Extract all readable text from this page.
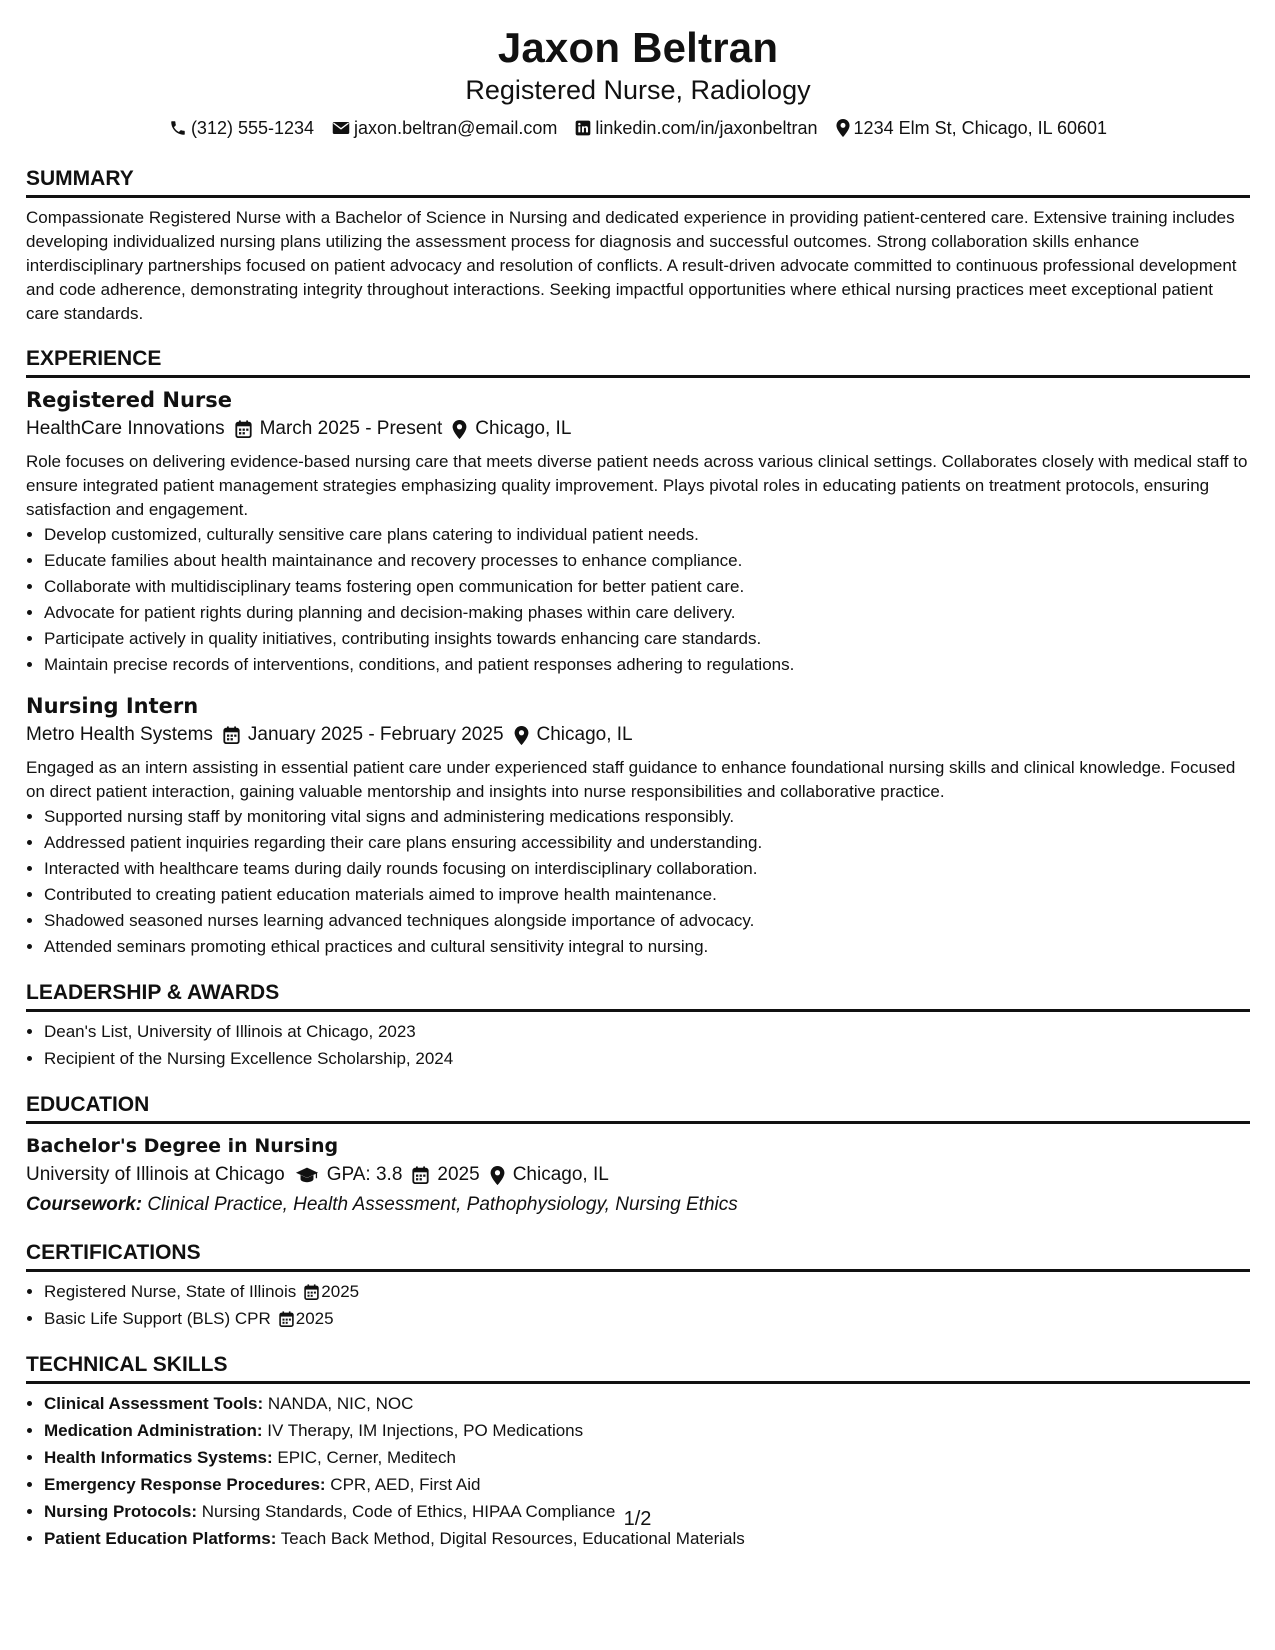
Jaxon Beltran
Registered Nurse, Radiology
(312) 555-1234 jaxon.beltran@email.com linkedin.com/in/jaxonbeltran 1234 Elm St, Chicago, IL 60601
SUMMARY
Compassionate Registered Nurse with a Bachelor of Science in Nursing and dedicated experience in providing patient-centered care. Extensive training includes developing individualized nursing plans utilizing the assessment process for diagnosis and successful outcomes. Strong collaboration skills enhance interdisciplinary partnerships focused on patient advocacy and resolution of conflicts. A result-driven advocate committed to continuous professional development and code adherence, demonstrating integrity throughout interactions. Seeking impactful opportunities where ethical nursing practices meet exceptional patient care standards.
EXPERIENCE
Registered Nurse
HealthCare Innovations March 2025 - Present Chicago, IL
Role focuses on delivering evidence-based nursing care that meets diverse patient needs across various clinical settings. Collaborates closely with medical staff to ensure integrated patient management strategies emphasizing quality improvement. Plays pivotal roles in educating patients on treatment protocols, ensuring satisfaction and engagement.
• Develop customized, culturally sensitive care plans catering to individual patient needs.
• Educate families about health maintainance and recovery processes to enhance compliance.
• Collaborate with multidisciplinary teams fostering open communication for better patient care.
• Advocate for patient rights during planning and decision-making phases within care delivery.
• Participate actively in quality initiatives, contributing insights towards enhancing care standards.
• Maintain precise records of interventions, conditions, and patient responses adhering to regulations.
Nursing Intern
Metro Health Systems January 2025 - February 2025 Chicago, IL
Engaged as an intern assisting in essential patient care under experienced staff guidance to enhance foundational nursing skills and clinical knowledge. Focused on direct patient interaction, gaining valuable mentorship and insights into nurse responsibilities and collaborative practice.
• Supported nursing staff by monitoring vital signs and administering medications responsibly.
• Addressed patient inquiries regarding their care plans ensuring accessibility and understanding.
• Interacted with healthcare teams during daily rounds focusing on interdisciplinary collaboration.
• Contributed to creating patient education materials aimed to improve health maintenance.
• Shadowed seasoned nurses learning advanced techniques alongside importance of advocacy.
• Attended seminars promoting ethical practices and cultural sensitivity integral to nursing.
LEADERSHIP & AWARDS
• Dean's List, University of Illinois at Chicago, 2023
• Recipient of the Nursing Excellence Scholarship, 2024
EDUCATION
Bachelor's Degree in Nursing
University of Illinois at Chicago GPA: 3.8 2025 Chicago, IL
Coursework: Clinical Practice, Health Assessment, Pathophysiology, Nursing Ethics
CERTIFICATIONS
• Registered Nurse, State of Illinois 2025
• Basic Life Support (BLS) CPR 2025
TECHNICAL SKILLS
• Clinical Assessment Tools: NANDA, NIC, NOC
• Medication Administration: IV Therapy, IM Injections, PO Medications
• Health Informatics Systems: EPIC, Cerner, Meditech
• Emergency Response Procedures: CPR, AED, First Aid
• Nursing Protocols: Nursing Standards, Code of Ethics, HIPAA Compliance
• Patient Education Platforms: Teach Back Method, Digital Resources, Educational Materials
1/2
